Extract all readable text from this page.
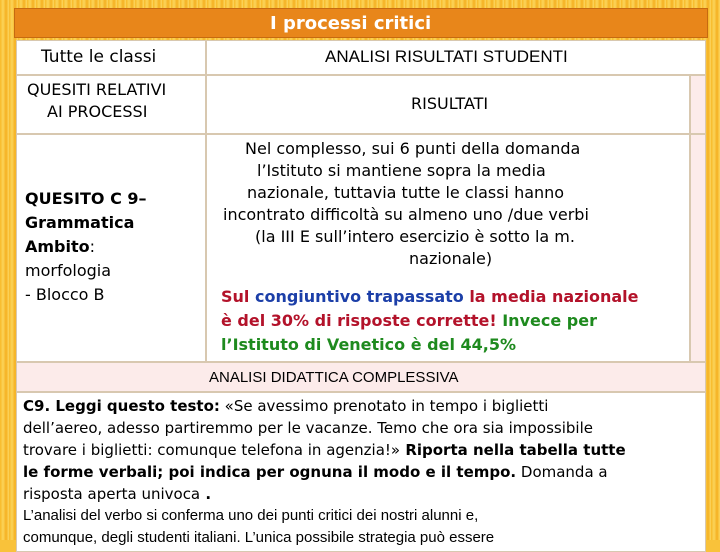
I processi critici
Tutte le classi	ANALISI RISULTATI STUDENTI
QUESITI RELATIVI
AI PROCESSI	RISULTATI
QUESITO C 9–
Grammatica
Ambito:
morfologia
- Blocco B
Nel complesso, sui 6 punti della domanda
l’Istituto si mantiene sopra la media
nazionale, tuttavia tutte le classi hanno
incontrato difficoltà su almeno uno /due verbi
(la III E sull’intero esercizio è sotto la m.
nazionale)
Sul congiuntivo trapassato la media nazionale
è del 30% di risposte corrette! Invece per
l’Istituto di Venetico è del 44,5%
ANALISI DIDATTICA COMPLESSIVA
C9. Leggi questo testo: «Se avessimo prenotato in tempo i biglietti
dell’aereo, adesso partiremmo per le vacanze. Temo che ora sia impossibile
trovare i biglietti: comunque telefona in agenzia!» Riporta nella tabella tutte
le forme verbali; poi indica per ognuna il modo e il tempo. Domanda a
risposta aperta univoca .
L’analisi del verbo si conferma uno dei punti critici dei nostri alunni e,
comunque, degli studenti italiani. L’unica possibile strategia può essere
